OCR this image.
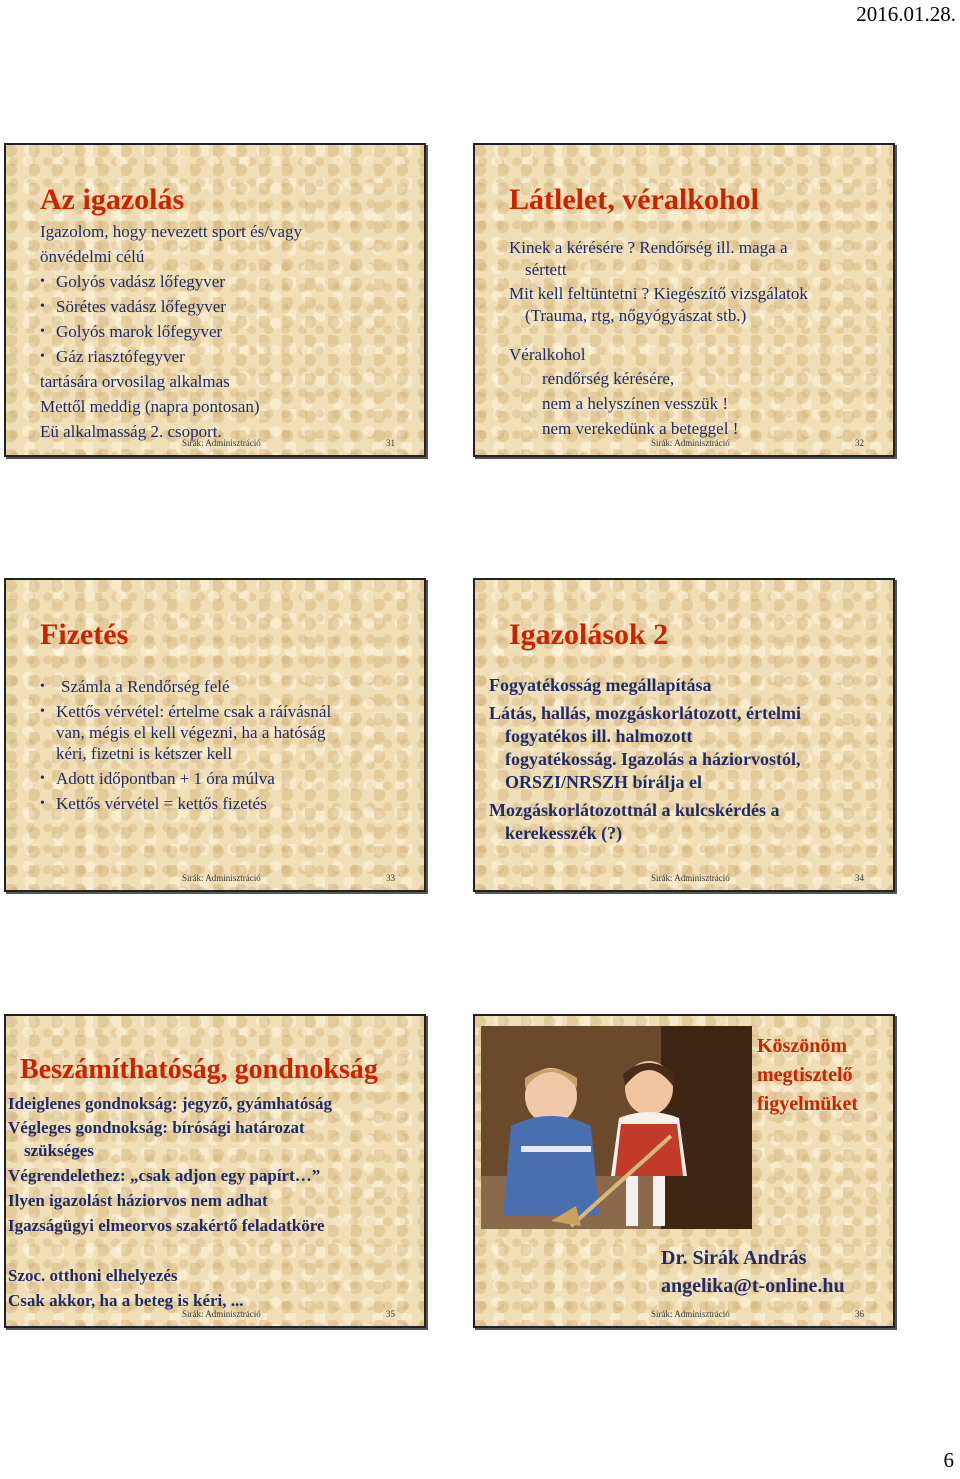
2016.01.28.
Az igazolás
Igazolom, hogy nevezett sport és/vagy
önvédelmi célú
• Golyós vadász lőfegyver
• Sörétes vadász lőfegyver
• Golyós marok lőfegyver
• Gáz riasztófegyver
tartására orvosilag alkalmas
Mettől meddig (napra pontosan)
Eü alkalmasság 2. csoport.
Sirák: Adminisztráció	31
Látlelet, véralkohol
Kinek a kérésére ? Rendőrség ill. maga a
sértett
Mit kell feltüntetni ? Kiegészítő vizsgálatok
(Trauma, rtg, nőgyógyászat stb.)
Véralkohol
rendőrség kérésére,
nem a helyszínen vesszük !
nem verekedünk a beteggel !
Sirák: Adminisztráció	32
Fizetés
• Számla a Rendőrség felé
• Kettős vérvétel: értelme csak a ráívásnál
van, mégis el kell végezni, ha a hatóság
kéri, fizetni is kétszer kell
• Adott időpontban + 1 óra múlva
• Kettős vérvétel = kettős fizetés
Sirák: Adminisztráció	33
Igazolások 2
Fogyatékosság megállapítása
Látás, hallás, mozgáskorlátozott, értelmi
fogyatékos ill. halmozott
fogyatékosság. Igazolás a háziorvostól,
ORSZI/NRSZH bírálja el
Mozgáskorlátozottnál a kulcskérdés a
kerekesszék (?)
Sirák: Adminisztráció	34
Beszámíthatóság, gondnokság
Ideiglenes gondnokság: jegyző, gyámhatóság
Végleges gondnokság: bírósági határozat
szükséges
Végrendelethez: „csak adjon egy papírt…”
Ilyen igazolást háziorvos nem adhat
Igazságügyi elmeorvos szakértő feladatköre
Szoc. otthoni elhelyezés
Csak akkor, ha a beteg is kéri, ...
Sirák: Adminisztráció	35
Köszönöm
megtisztelő
figyelmüket
Dr. Sirák András
angelika@t-online.hu
Sirák: Adminisztráció	36
6
